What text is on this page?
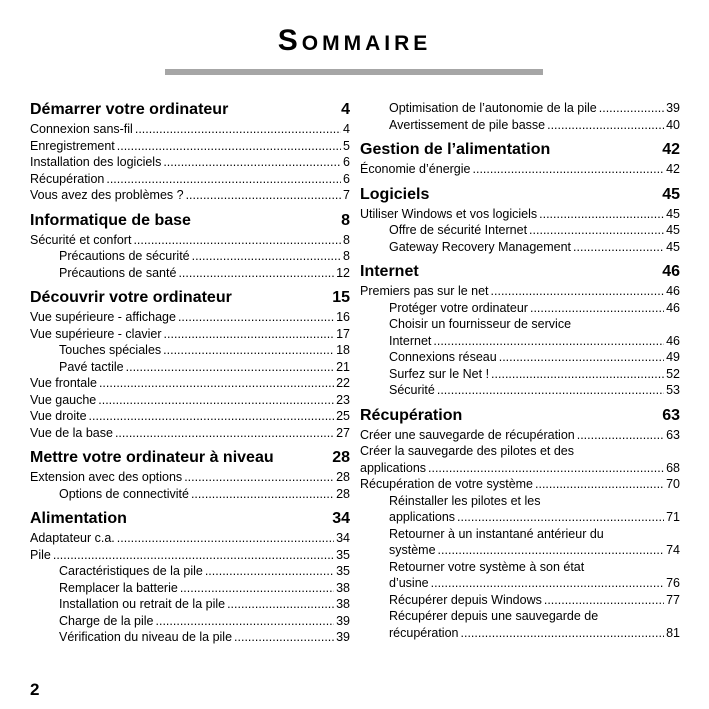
Sommaire
Démarrer votre ordinateur	4
Connexion sans-fil .....	4
Enregistrement .....	5
Installation des logiciels .....	6
Récupération .....	6
Vous avez des problèmes ? .....	7
Informatique de base	8
Sécurité et confort .....	8
Précautions de sécurité .....	8
Précautions de santé .....	12
Découvrir votre ordinateur	15
Vue supérieure - affichage .....	16
Vue supérieure - clavier .....	17
Touches spéciales .....	18
Pavé tactile .....	21
Vue frontale .....	22
Vue gauche .....	23
Vue droite .....	25
Vue de la base .....	27
Mettre votre ordinateur à niveau	28
Extension avec des options .....	28
Options de connectivité .....	28
Alimentation	34
Adaptateur c.a. .....	34
Pile .....	35
Caractéristiques de la pile .....	35
Remplacer la batterie .....	38
Installation ou retrait de la pile .....	38
Charge de la pile .....	39
Vérification du niveau de la pile .....	39
Optimisation de l’autonomie de la pile .....	39
Avertissement de pile basse .....	40
Gestion de l’alimentation	42
Économie d’énergie .....	42
Logiciels	45
Utiliser Windows et vos logiciels .....	45
Offre de sécurité Internet .....	45
Gateway Recovery Management .....	45
Internet	46
Premiers pas sur le net .....	46
Protéger votre ordinateur .....	46
Choisir un fournisseur de service
Internet .....	46
Connexions réseau .....	49
Surfez sur le Net ! .....	52
Sécurité .....	53
Récupération	63
Créer une sauvegarde de récupération .....	63
Créer la sauvegarde des pilotes et des
applications .....	68
Récupération de votre système .....	70
Réinstaller les pilotes et les
applications .....	71
Retourner à un instantané antérieur du
système .....	74
Retourner votre système à son état
d’usine .....	76
Récupérer depuis Windows .....	77
Récupérer depuis une sauvegarde de
récupération .....	81
2
